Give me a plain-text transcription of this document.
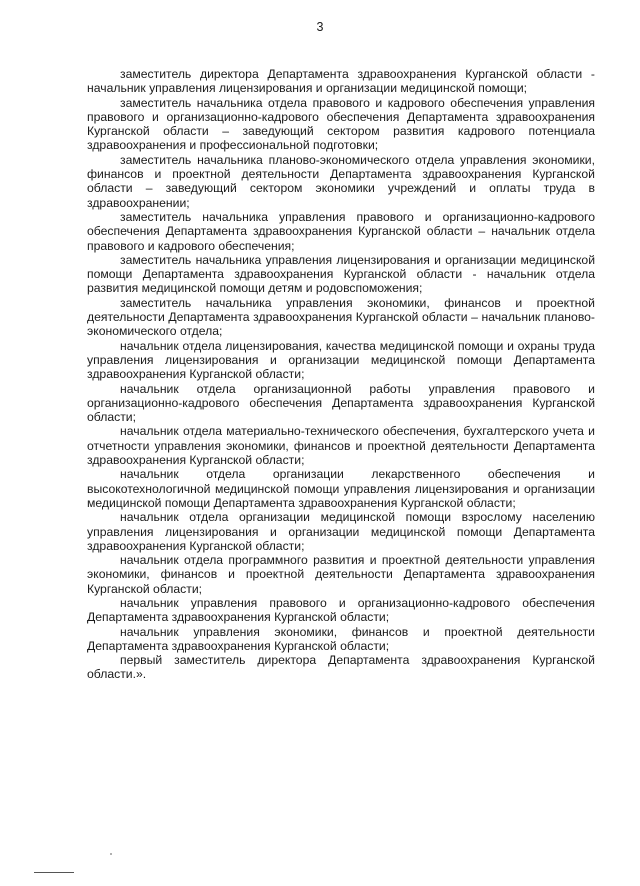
3

заместитель директора Департамента здравоохранения Курганской области - начальник управления лицензирования и организации медицинской помощи;

заместитель начальника отдела правового и кадрового обеспечения управления правового и организационно-кадрового обеспечения Департамента здравоохранения Курганской области – заведующий сектором развития кадрового потенциала здравоохранения и профессиональной подготовки;

заместитель начальника планово-экономического отдела управления экономики, финансов и проектной деятельности Департамента здравоохранения Курганской области – заведующий сектором экономики учреждений и оплаты труда в здравоохранении;

заместитель начальника управления правового и организационно-кадрового обеспечения Департамента здравоохранения Курганской области – начальник отдела правового и кадрового обеспечения;

заместитель начальника управления лицензирования и организации медицинской помощи Департамента здравоохранения Курганской области - начальник отдела развития медицинской помощи детям и родовспоможения;

заместитель начальника управления экономики, финансов и проектной деятельности Департамента здравоохранения Курганской области – начальник планово-экономического отдела;

начальник отдела лицензирования, качества медицинской помощи и охраны труда управления лицензирования и организации медицинской помощи Департамента здравоохранения Курганской области;

начальник отдела организационной работы управления правового и организационно-кадрового обеспечения Департамента здравоохранения Курганской области;

начальник отдела материально-технического обеспечения, бухгалтерского учета и отчетности управления экономики, финансов и проектной деятельности Департамента здравоохранения Курганской области;

начальник отдела организации лекарственного обеспечения и высокотехнологичной медицинской помощи управления лицензирования и организации медицинской помощи Департамента здравоохранения Курганской области;

начальник отдела организации медицинской помощи взрослому населению управления лицензирования и организации медицинской помощи Департамента здравоохранения Курганской области;

начальник отдела программного развития и проектной деятельности управления экономики, финансов и проектной деятельности Департамента здравоохранения Курганской области;

начальник управления правового и организационно-кадрового обеспечения Департамента здравоохранения Курганской области;

начальник управления экономики, финансов и проектной деятельности Департамента здравоохранения Курганской области;

первый заместитель директора Департамента здравоохранения Курганской области.».
